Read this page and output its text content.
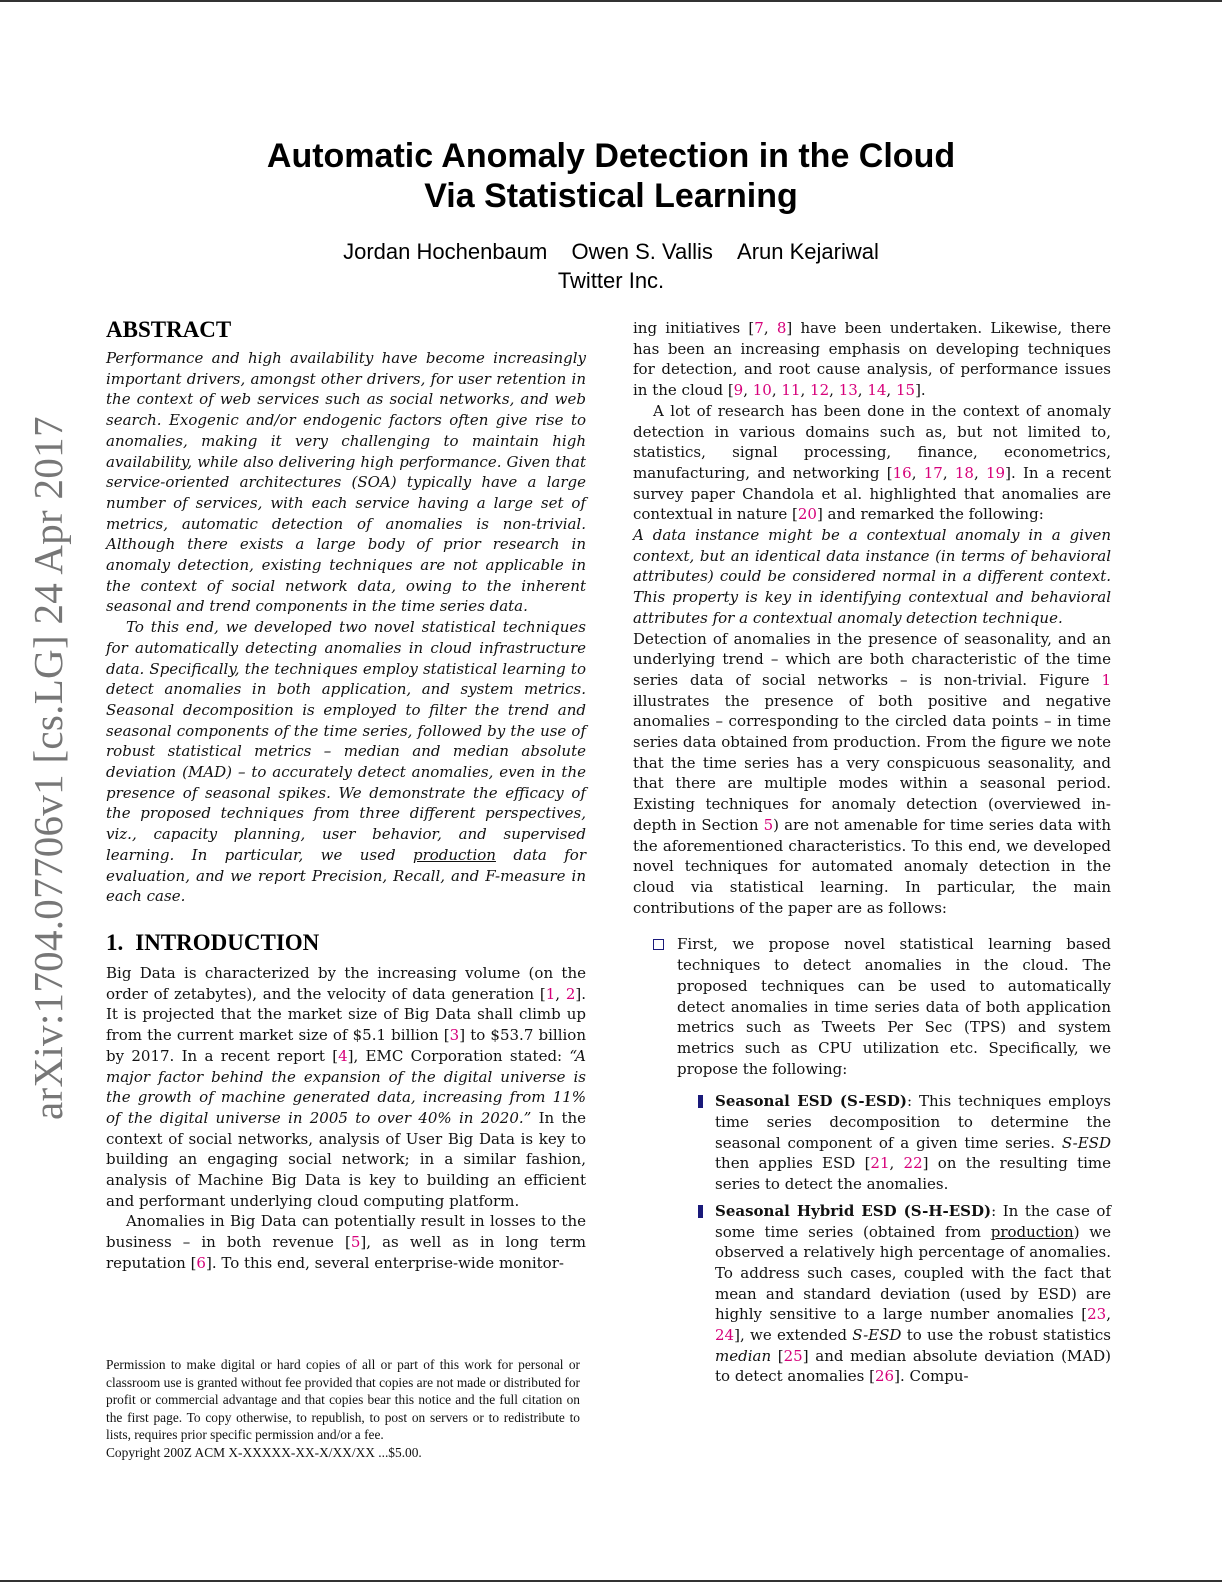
arXiv:1704.07706v1 [cs.LG] 24 Apr 2017
Automatic Anomaly Detection in the Cloud
Via Statistical Learning
Jordan Hochenbaum Owen S. Vallis Arun Kejariwal
Twitter Inc.
ABSTRACT

Performance and high availability have become increasingly important drivers, amongst other drivers, for user retention in the context of web services such as social networks, and web search. Exogenic and/or endogenic factors often give rise to anomalies, making it very challenging to maintain high availability, while also delivering high performance. Given that service-oriented architectures (SOA) typically have a large number of services, with each service having a large set of metrics, automatic detection of anomalies is non-trivial. Although there exists a large body of prior research in anomaly detection, existing techniques are not applicable in the context of social network data, owing to the inherent seasonal and trend components in the time series data.

To this end, we developed two novel statistical techniques for automatically detecting anomalies in cloud infrastructure data. Specifically, the techniques employ statistical learning to detect anomalies in both application, and system metrics. Seasonal decomposition is employed to filter the trend and seasonal components of the time series, followed by the use of robust statistical metrics – median and median absolute deviation (MAD) – to accurately detect anomalies, even in the presence of seasonal spikes. We demonstrate the efficacy of the proposed techniques from three different perspectives, viz., capacity planning, user behavior, and supervised learning. In particular, we used production data for evaluation, and we report Precision, Recall, and F-measure in each case.

1. INTRODUCTION

Big Data is characterized by the increasing volume (on the order of zetabytes), and the velocity of data generation [1, 2]. It is projected that the market size of Big Data shall climb up from the current market size of $5.1 billion [3] to $53.7 billion by 2017. In a recent report [4], EMC Corporation stated: “A major factor behind the expansion of the digital universe is the growth of machine generated data, increasing from 11% of the digital universe in 2005 to over 40% in 2020.” In the context of social networks, analysis of User Big Data is key to building an engaging social network; in a similar fashion, analysis of Machine Big Data is key to building an efficient and performant underlying cloud computing platform.

Anomalies in Big Data can potentially result in losses to the business – in both revenue [5], as well as in long term reputation [6]. To this end, several enterprise-wide monitor-

Permission to make digital or hard copies of all or part of this work for personal or classroom use is granted without fee provided that copies are not made or distributed for profit or commercial advantage and that copies bear this notice and the full citation on the first page. To copy otherwise, to republish, to post on servers or to redistribute to lists, requires prior specific permission and/or a fee.

Copyright 200Z ACM X-XXXXX-XX-X/XX/XX ...$5.00.

ing initiatives [7, 8] have been undertaken. Likewise, there has been an increasing emphasis on developing techniques for detection, and root cause analysis, of performance issues in the cloud [9, 10, 11, 12, 13, 14, 15].

A lot of research has been done in the context of anomaly detection in various domains such as, but not limited to, statistics, signal processing, finance, econometrics, manufacturing, and networking [16, 17, 18, 19]. In a recent survey paper Chandola et al. highlighted that anomalies are contextual in nature [20] and remarked the following:

A data instance might be a contextual anomaly in a given context, but an identical data instance (in terms of behavioral attributes) could be considered normal in a different context. This property is key in identifying contextual and behavioral attributes for a contextual anomaly detection technique.

Detection of anomalies in the presence of seasonality, and an underlying trend – which are both characteristic of the time series data of social networks – is non-trivial. Figure 1 illustrates the presence of both positive and negative anomalies – corresponding to the circled data points – in time series data obtained from production. From the figure we note that the time series has a very conspicuous seasonality, and that there are multiple modes within a seasonal period. Existing techniques for anomaly detection (overviewed in-depth in Section 5) are not amenable for time series data with the aforementioned characteristics. To this end, we developed novel techniques for automated anomaly detection in the cloud via statistical learning. In particular, the main contributions of the paper are as follows:

First, we propose novel statistical learning based techniques to detect anomalies in the cloud. The proposed techniques can be used to automatically detect anomalies in time series data of both application metrics such as Tweets Per Sec (TPS) and system metrics such as CPU utilization etc. Specifically, we propose the following:

Seasonal ESD (S-ESD): This techniques employs time series decomposition to determine the seasonal component of a given time series. S-ESD then applies ESD [21, 22] on the resulting time series to detect the anomalies.

Seasonal Hybrid ESD (S-H-ESD): In the case of some time series (obtained from production) we observed a relatively high percentage of anomalies. To address such cases, coupled with the fact that mean and standard deviation (used by ESD) are highly sensitive to a large number anomalies [23, 24], we extended S-ESD to use the robust statistics median [25] and median absolute deviation (MAD) to detect anomalies [26]. Compu-
